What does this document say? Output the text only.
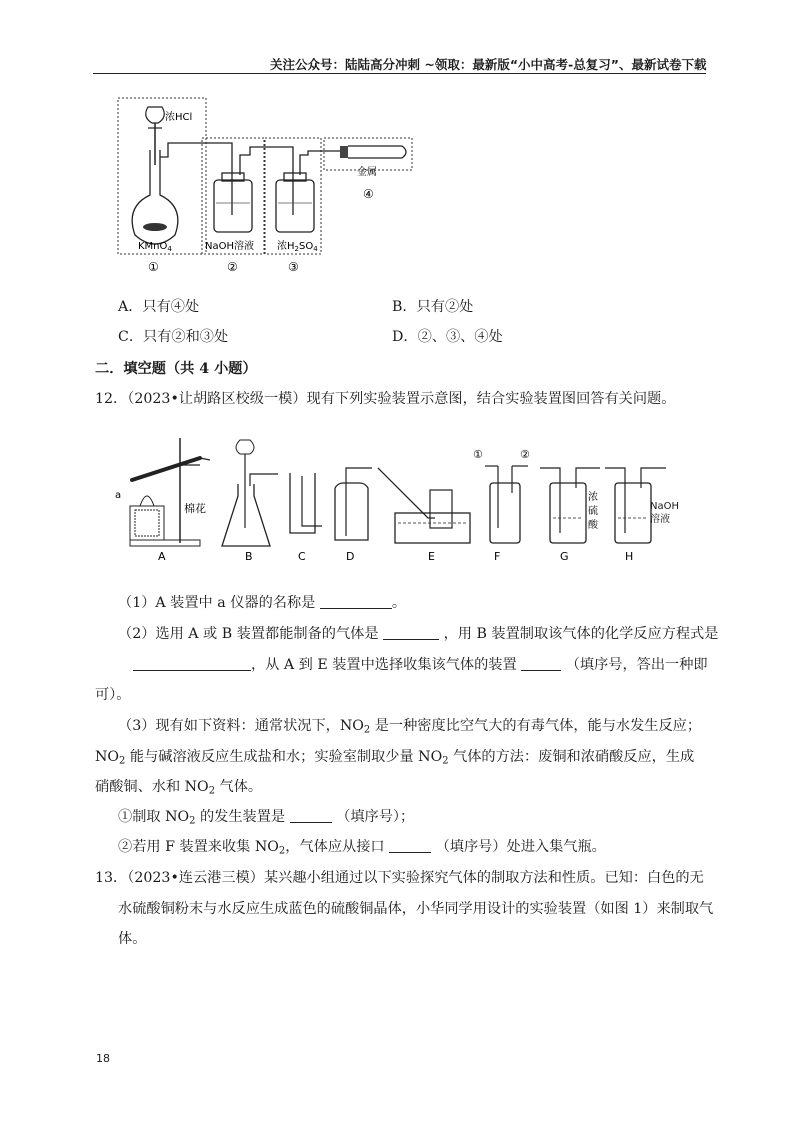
关注公众号：陆陆高分冲刺 ~领取：最新版“小中高考-总复习”、最新试卷下载
浓HCl
KMnO$_4$	NaOH溶液 浓$H_2SO_4$
金属
①	②	③
④
A．只有④处	B．只有②处
C．只有②和③处	D．②、③、④处
二．填空题（共 4 小题）
12．（2023•让胡路区校级一模）现有下列实验装置示意图，结合实验装置图回答有关问题。
a
棉花
A	B	C	D	E
①	②
F
浓
硫
酸
G	H
NaOH
溶液
（1）A 装置中 a 仪器的名称是	。
（2）选用 A 或 B 装置都能制备的气体是	，用 B 装置制取该气体的化学反应方程式是
，从 A 到 E 装置中选择收集该气体的装置	（填序号，答出一种即
可）。
（3）现有如下资料：通常状况下，$NO_2$ 是一种密度比空气大的有毒气体，能与水发生反应；
$NO_2$ 能与碱溶液反应生成盐和水；实验室制取少量 $NO_2$ 气体的方法：废铜和浓硝酸反应，生成
硝酸铜、水和 $NO_2$ 气体。
①制取 $NO_2$ 的发生装置是	（填序号）；
②若用 F 装置来收集 $NO_2$，气体应从接口	（填序号）处进入集气瓶。
13．（2023•连云港三模）某兴趣小组通过以下实验探究气体的制取方法和性质。已知：白色的无
水硫酸铜粉末与水反应生成蓝色的硫酸铜晶体，小华同学用设计的实验装置（如图 1）来制取气
体。
18
